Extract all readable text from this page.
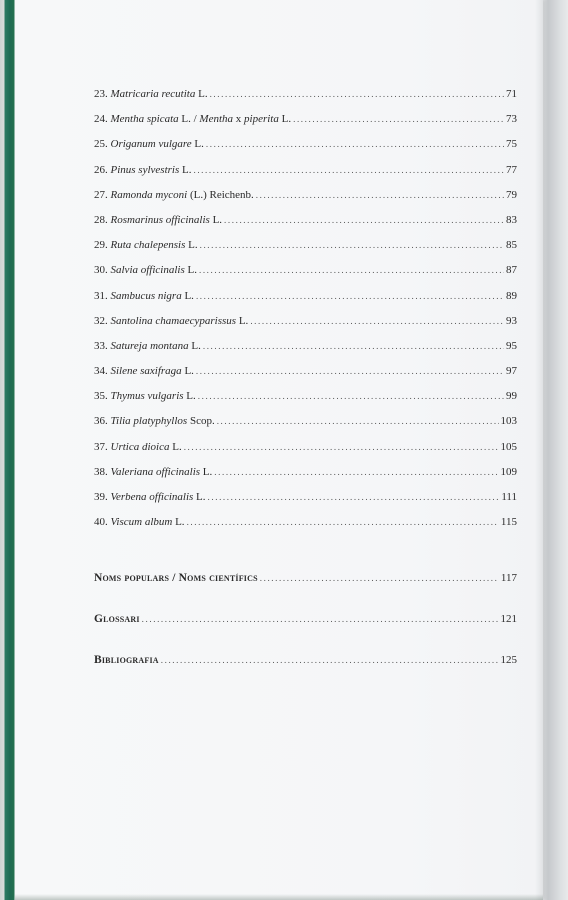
23. Matricaria recutita L. .....	71
24. Mentha spicata L. / Mentha x piperita L. .....	73
25. Origanum vulgare L. .....	75
26. Pinus sylvestris L. .....	77
27. Ramonda myconi (L.) Reichenb. .....	79
28. Rosmarinus officinalis L. .....	83
29. Ruta chalepensis L. .....	85
30. Salvia officinalis L. .....	87
31. Sambucus nigra L. .....	89
32. Santolina chamaecyparissus L. .....	93
33. Satureja montana L. .....	95
34. Silene saxifraga L. .....	97
35. Thymus vulgaris L. .....	99
36. Tilia platyphyllos Scop. .....	103
37. Urtica dioica L. .....	105
38. Valeriana officinalis L. .....	109
39. Verbena officinalis L. .....	111
40. Viscum album L. .....	115
Noms populars / Noms científics .....	117
Glossari .....	121
Bibliografia .....	125
